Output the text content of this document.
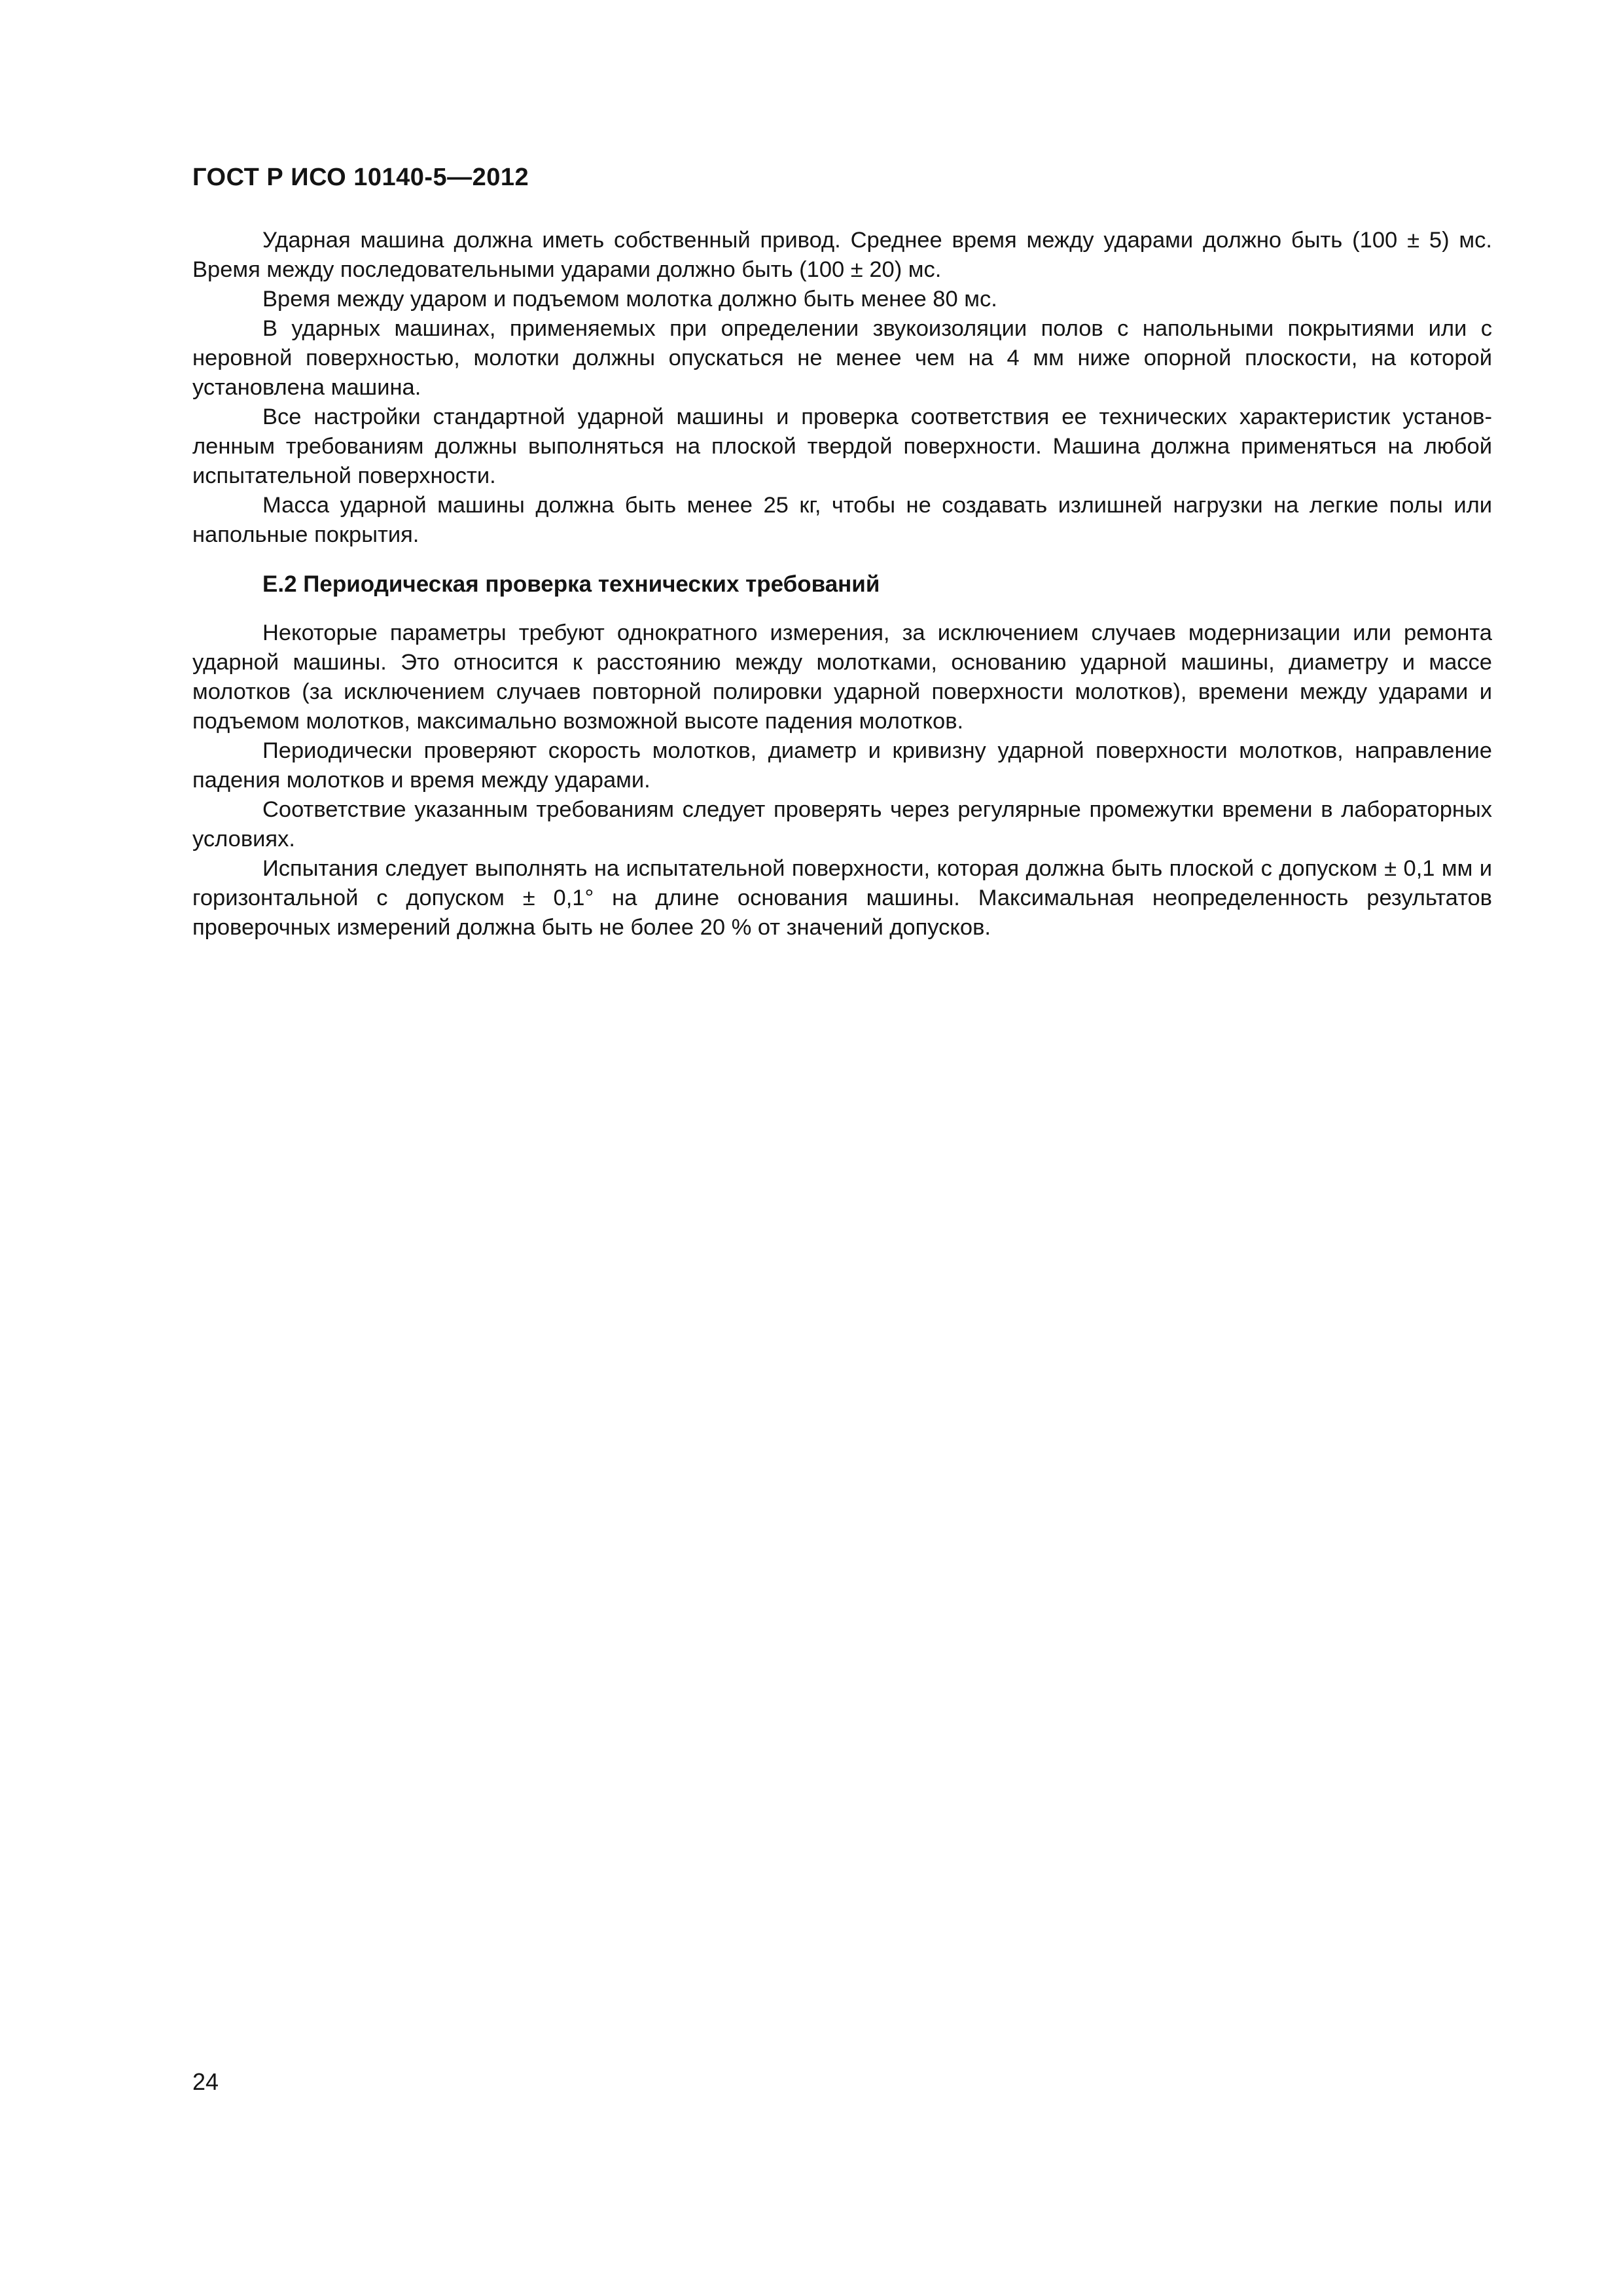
ГОСТ Р ИСО 10140-5—2012

Ударная машина должна иметь собственный привод. Среднее время между ударами должно быть (100 ± 5) мс. Время между последовательными ударами должно быть (100 ± 20) мс.

Время между ударом и подъемом молотка должно быть менее 80 мс.

В ударных машинах, применяемых при определении звукоизоляции полов с напольными покрытиями или с неровной поверхностью, молотки должны опускаться не менее чем на 4 мм ниже опорной плоскости, на которой установлена машина.

Все настройки стандартной ударной машины и проверка соответствия ее технических характеристик установленным требованиям должны выполняться на плоской твердой поверхности. Машина должна применяться на любой испытательной поверхности.

Масса ударной машины должна быть менее 25 кг, чтобы не создавать излишней нагрузки на легкие полы или напольные покрытия.

Е.2 Периодическая проверка технических требований

Некоторые параметры требуют однократного измерения, за исключением случаев модернизации или ремонта ударной машины. Это относится к расстоянию между молотками, основанию ударной машины, диаметру и массе молотков (за исключением случаев повторной полировки ударной поверхности молотков), времени между ударами и подъемом молотков, максимально возможной высоте падения молотков.

Периодически проверяют скорость молотков, диаметр и кривизну ударной поверхности молотков, направление падения молотков и время между ударами.

Соответствие указанным требованиям следует проверять через регулярные промежутки времени в лабораторных условиях.

Испытания следует выполнять на испытательной поверхности, которая должна быть плоской с допуском ± 0,1 мм и горизонтальной с допуском ± 0,1° на длине основания машины. Максимальная неопределенность результатов проверочных измерений должна быть не более 20 % от значений допусков.

24
